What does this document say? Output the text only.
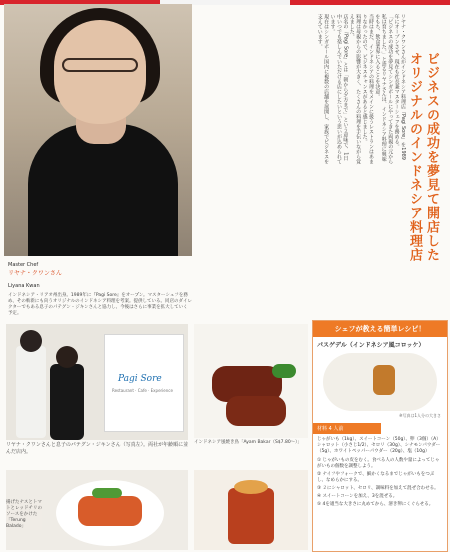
Master Chef
リヤナ・クワンさん
Liyana Kwan
インドネシア・リアオ州出身。1989年に『Pagi Sore』をオープン。マスターシェフを務め、その斬新にも向うオリジナルのインドネシア料理を考案。提供している。同店のダイレクターでもある息子のパテグン・ジキンさんと協力し、今後はさらに事業を拡大していく予定。
ビジネスの成功を夢見て開店した オリジナルのインドネシア料理店

リヤナ・クワンさんがインドネシア料理店『Pagi Sore』を1989年にオープンさせ、現在も社長兼マスターシェフを務める。

「ビジネスの成功を夢見てシンガポールにやってきた両親の元から私は育ちました。」と語るリヤナさんは、インドネシア料理に興味をもち、飲食業界に入ることを決意。

当時はまだ、インドネシアの料理をメインに扱うレストランはあまりなかったので、ビジネスチャンスがあると感じました。

料理は母親からの影響が大きく、たくさんの料理を手伝いながら覚えました。

店名の『Pagi Sore』とは「朝から夕方まで」という意味で、1日中いつでも楽しんでいただける店にしたいという思いが込められています。

現在はシンガポール国内に複数の店舗を展開し、家族でビジネスを支えています。

Pagi Sore
Restaurant · Cafe · Experience
リヤナ・クワンさんと息子のパテグン・ジキンさん（写真左）。両社が年齢順に並んだ店内。
インドネシア風焼き鳥「Ayam Bakar（S$7.80～）」
揚げたナスとトマトとレッドチリのソースをかけた「Terung Balado」
シェフが教える簡単レシピ！
パスゲデル（インドネシア風コロッケ）
※写真は1人分の大きさ
材料 4 人前
じゃがいも（1kg）、スイートコーン（50g）、卵（3個）（A）シャロット（小さじ1/2）、セロリ（30g）、シナモンパウダー（5g）、ホワイトペッパーパウダー（20g）、塩（10g）
① じゃがいもの皮をむく。食べる人の人数や量によってじゃがいもの個数を調整しよう。
② ナイフやフォークで、細かくなるまでじゃがいもをつぶし、なめらかにする。
③ ２にシャロット、セロリ、調味料を加えて混ぜ合わせる。
④ スイートコーンを加え、3を混ぜる。
⑤ 4を適当な大きさに丸めてから、溶き卵にくぐらせる。
